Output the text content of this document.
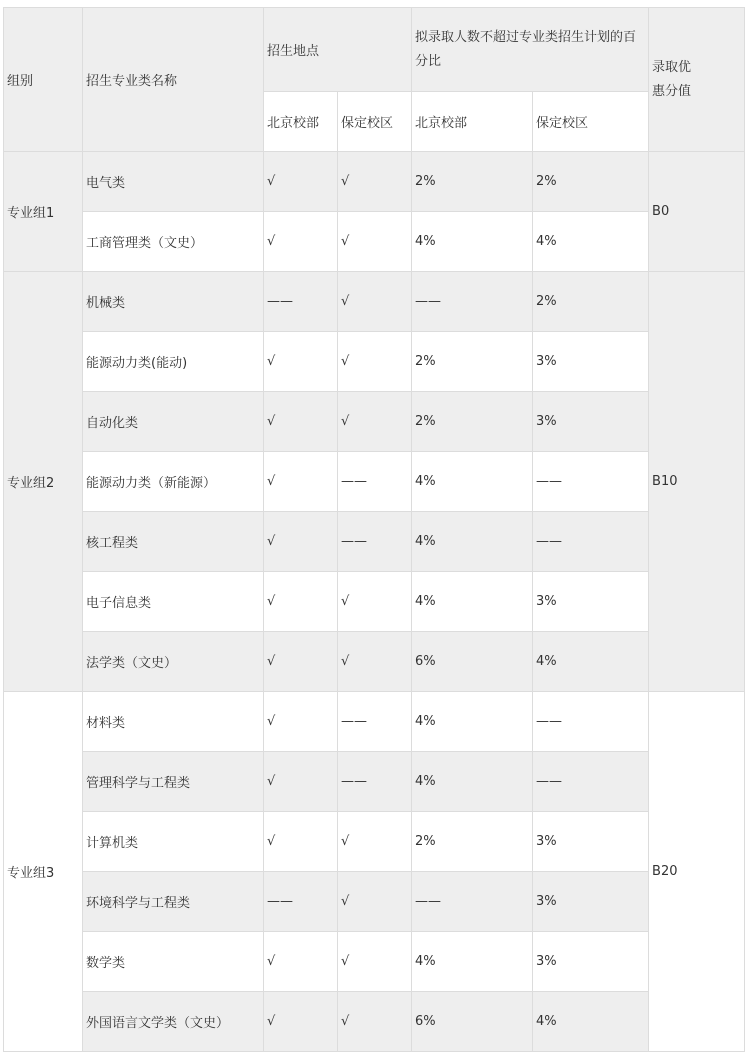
组别	招生专业类名称	招生地点		拟录取人数不超过专业类招生计划的百分比		录取优惠分值
		北京校部	保定校区	北京校部	保定校区	
专业组1	电气类	√	√	2%	2%	B0
	工商管理类（文史）	√	√	4%	4%	
专业组2	机械类	——	√	——	2%	B10
	能源动力类(能动)	√	√	2%	3%	
	自动化类	√	√	2%	3%	
	能源动力类（新能源）	√	——	4%	——	
	核工程类	√	——	4%	——	
	电子信息类	√	√	4%	3%	
	法学类（文史）	√	√	6%	4%	
专业组3	材料类	√	——	4%	——	B20
	管理科学与工程类	√	——	4%	——	
	计算机类	√	√	2%	3%	
	环境科学与工程类	——	√	——	3%	
	数学类	√	√	4%	3%	
	外国语言文学类（文史）	√	√	6%	4%	
